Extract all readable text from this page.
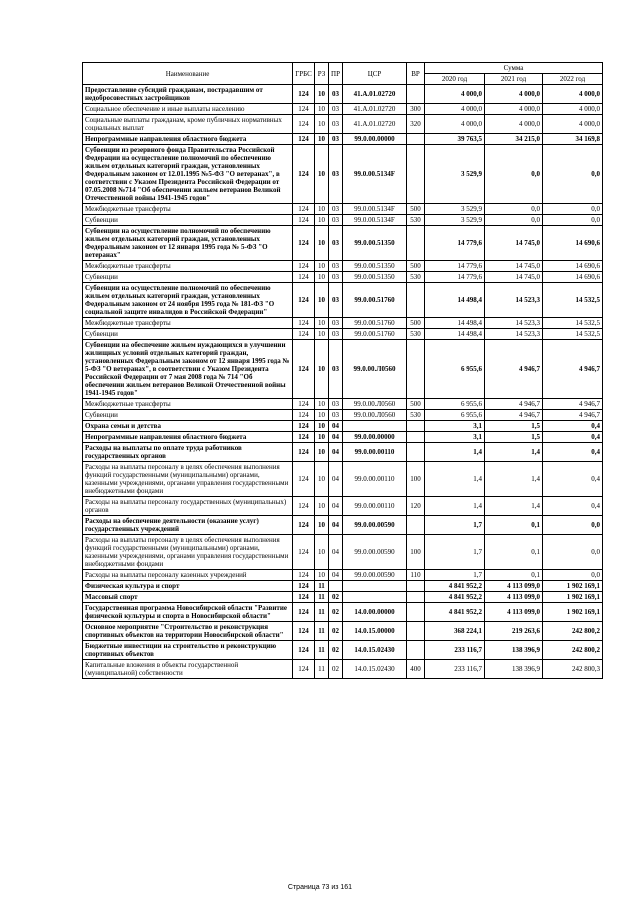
Наименование	ГРБС	РЗ	ПР	ЦСР	ВР	Сумма		
						2020 год	2021 год	2022 год
Предоставление субсидий гражданам, пострадавшим от недобросовестных застройщиков	124	10	03	41.А.01.02720		4 000,0	4 000,0	4 000,0
Социальное обеспечение и иные выплаты населению	124	10	03	41.А.01.02720	300	4 000,0	4 000,0	4 000,0
Социальные выплаты гражданам, кроме публичных нормативных социальных выплат	124	10	03	41.А.01.02720	320	4 000,0	4 000,0	4 000,0
Непрограммные направления областного бюджета	124	10	03	99.0.00.00000		39 763,5	34 215,0	34 169,8
Субвенции из резервного фонда Правительства Российской Федерации на осуществление полномочий по обеспечению жильем отдельных категорий граждан, установленных Федеральным законом от 12.01.1995 №5-ФЗ "О ветеранах", в соответствии с Указом Президента Российской Федерации от 07.05.2008 №714 "Об обеспечении жильем ветеранов Великой Отечественной войны 1941-1945 годов"	124	10	03	99.0.00.5134F		3 529,9	0,0	0,0
Межбюджетные трансферты	124	10	03	99.0.00.5134F	500	3 529,9	0,0	0,0
Субвенции	124	10	03	99.0.00.5134F	530	3 529,9	0,0	0,0
Субвенции на осуществление полномочий по обеспечению жильем отдельных категорий граждан, установленных Федеральным законом от 12 января 1995 года № 5-ФЗ "О ветеранах"	124	10	03	99.0.00.51350		14 779,6	14 745,0	14 690,6
Межбюджетные трансферты	124	10	03	99.0.00.51350	500	14 779,6	14 745,0	14 690,6
Субвенции	124	10	03	99.0.00.51350	530	14 779,6	14 745,0	14 690,6
Субвенции на осуществление полномочий по обеспечению жильем отдельных категорий граждан, установленных Федеральным законом от 24 ноября 1995 года № 181-ФЗ "О социальной защите инвалидов в Российской Федерации"	124	10	03	99.0.00.51760		14 498,4	14 523,3	14 532,5
Межбюджетные трансферты	124	10	03	99.0.00.51760	500	14 498,4	14 523,3	14 532,5
Субвенции	124	10	03	99.0.00.51760	530	14 498,4	14 523,3	14 532,5
Субвенции на обеспечение жильем нуждающихся в улучшении жилищных условий отдельных категорий граждан, установленных Федеральным законом от 12 января 1995 года № 5-ФЗ "О ветеранах", в соответствии с Указом Президента Российской Федерации от 7 мая 2008 года № 714 "Об обеспечении жильем ветеранов Великой Отечественной войны 1941-1945 годов"	124	10	03	99.0.00.Л0560		6 955,6	4 946,7	4 946,7
Межбюджетные трансферты	124	10	03	99.0.00.Л0560	500	6 955,6	4 946,7	4 946,7
Субвенции	124	10	03	99.0.00.Л0560	530	6 955,6	4 946,7	4 946,7
Охрана семьи и детства	124	10	04			3,1	1,5	0,4
Непрограммные направления областного бюджета	124	10	04	99.0.00.00000		3,1	1,5	0,4
Расходы на выплаты по оплате труда работников государственных органов	124	10	04	99.0.00.00110		1,4	1,4	0,4
Расходы на выплаты персоналу в целях обеспечения выполнения функций государственными (муниципальными) органами, казенными учреждениями, органами управления государственными внебюджетными фондами	124	10	04	99.0.00.00110	100	1,4	1,4	0,4
Расходы на выплаты персоналу государственных (муниципальных) органов	124	10	04	99.0.00.00110	120	1,4	1,4	0,4
Расходы на обеспечение деятельности (оказание услуг) государственных учреждений	124	10	04	99.0.00.00590		1,7	0,1	0,0
Расходы на выплаты персоналу в целях обеспечения выполнения функций государственными (муниципальными) органами, казенными учреждениями, органами управления государственными внебюджетными фондами	124	10	04	99.0.00.00590	100	1,7	0,1	0,0
Расходы на выплаты персоналу казенных учреждений	124	10	04	99.0.00.00590	110	1,7	0,1	0,0
Физическая культура и спорт	124	11				4 841 952,2	4 113 099,0	1 902 169,1
Массовый спорт	124	11	02			4 841 952,2	4 113 099,0	1 902 169,1
Государственная программа Новосибирской области "Развитие физической культуры и спорта в Новосибирской области"	124	11	02	14.0.00.00000		4 841 952,2	4 113 099,0	1 902 169,1
Основное мероприятие "Строительство и реконструкция спортивных объектов на территории Новосибирской области"	124	11	02	14.0.15.00000		368 224,1	219 263,6	242 800,2
Бюджетные инвестиции на строительство и реконструкцию спортивных объектов	124	11	02	14.0.15.02430		233 116,7	138 396,9	242 800,2
Капитальные вложения в объекты государственной (муниципальной) собственности	124	11	02	14.0.15.02430	400	233 116,7	138 396,9	242 800,3
Страница 73 из 161
